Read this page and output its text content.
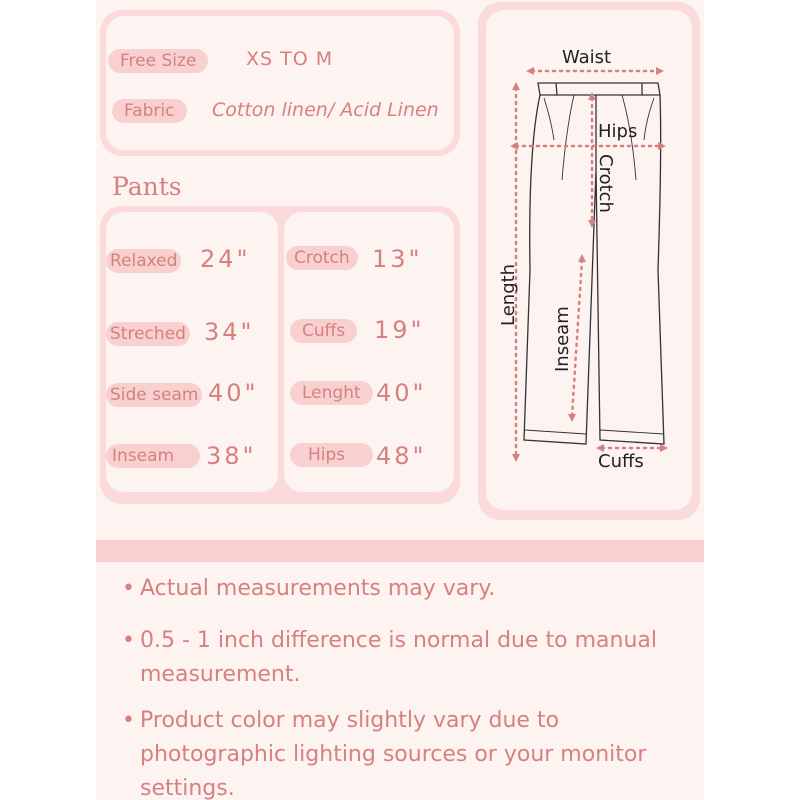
Free Size	XS TO M
Fabric	Cotton linen/ Acid Linen
Pants
Relaxed 24"
Streched 34"
Side seam 40"
Inseam	38"
Crotch 13"
Cuffs	19"
Lenght 40"
Hips	48"
Waist
Hips
Crotch
Length
Inseam
Cuffs
• Actual measurements may vary.
• 0.5 - 1 inch difference is normal due to manual measurement.
• Product color may slightly vary due to photographic lighting sources or your monitor settings.
